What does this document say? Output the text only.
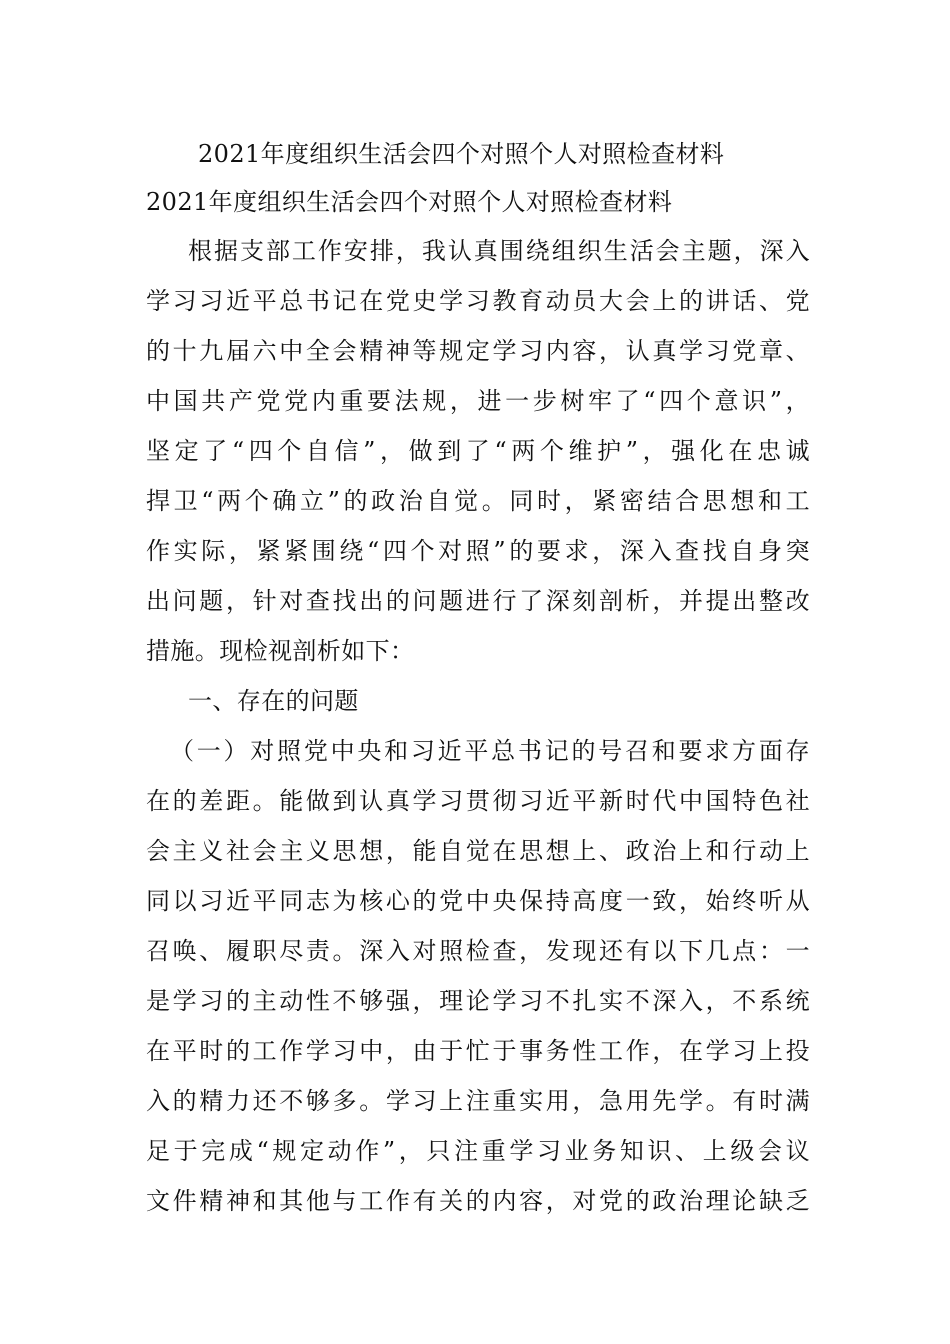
2021年度组织生活会四个对照个人对照检查材料
2021年度组织生活会四个对照个人对照检查材料
根据支部工作安排，我认真围绕组织生活会主题，深入
学习习近平总书记在党史学习教育动员大会上的讲话、党
的十九届六中全会精神等规定学习内容，认真学习党章、
中国共产党党内重要法规，进一步树牢了“四个意识”，
坚定了“四个自信”，做到了“两个维护”，强化在忠诚
捍卫“两个确立”的政治自觉。同时，紧密结合思想和工
作实际，紧紧围绕“四个对照”的要求，深入查找自身突
出问题，针对查找出的问题进行了深刻剖析，并提出整改
措施。现检视剖析如下：
一、存在的问题
（一）对照党中央和习近平总书记的号召和要求方面存
在的差距。能做到认真学习贯彻习近平新时代中国特色社
会主义社会主义思想，能自觉在思想上、政治上和行动上
同以习近平同志为核心的党中央保持高度一致，始终听从
召唤、履职尽责。深入对照检查，发现还有以下几点：一
是学习的主动性不够强，理论学习不扎实不深入，不系统
在平时的工作学习中，由于忙于事务性工作，在学习上投
入的精力还不够多。学习上注重实用，急用先学。有时满
足于完成“规定动作”，只注重学习业务知识、上级会议
文件精神和其他与工作有关的内容，对党的政治理论缺乏
